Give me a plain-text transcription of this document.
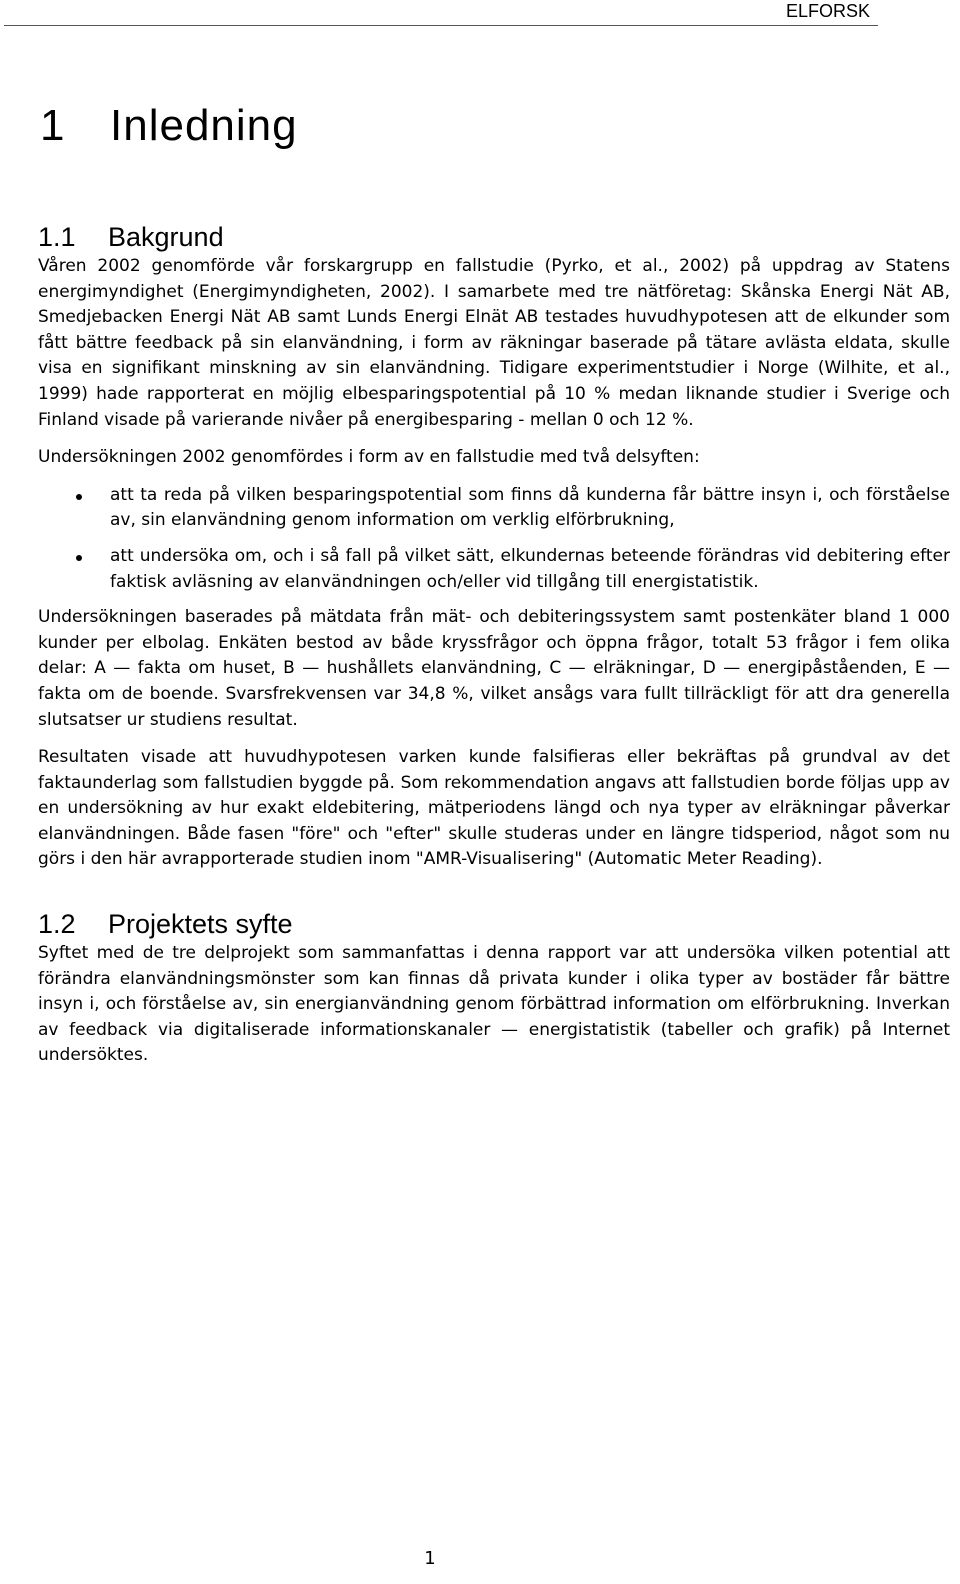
ELFORSK
1 Inledning
1.1 Bakgrund

Våren 2002 genomförde vår forskargrupp en fallstudie (Pyrko, et al., 2002) på uppdrag av Statens energimyndighet (Energimyndigheten, 2002). I samarbete med tre nätföretag: Skånska Energi Nät AB, Smedjebacken Energi Nät AB samt Lunds Energi Elnät AB testades huvudhypotesen att de elkunder som fått bättre feedback på sin elanvändning, i form av räkningar baserade på tätare avlästa eldata, skulle visa en signifikant minskning av sin elanvändning. Tidigare experimentstudier i Norge (Wilhite, et al., 1999) hade rapporterat en möjlig elbesparingspotential på 10 % medan liknande studier i Sverige och Finland visade på varierande nivåer på energibesparing - mellan 0 och 12 %.

Undersökningen 2002 genomfördes i form av en fallstudie med två delsyften:

att ta reda på vilken besparingspotential som finns då kunderna får bättre insyn i, och förståelse av, sin elanvändning genom information om verklig elförbrukning,
att undersöka om, och i så fall på vilket sätt, elkundernas beteende förändras vid debitering efter faktisk avläsning av elanvändningen och/eller vid tillgång till energistatistik.

Undersökningen baserades på mätdata från mät- och debiteringssystem samt postenkäter bland 1 000 kunder per elbolag. Enkäten bestod av både kryssfrågor och öppna frågor, totalt 53 frågor i fem olika delar: A — fakta om huset, B — hushållets elanvändning, C — elräkningar, D — energipåståenden, E — fakta om de boende. Svarsfrekvensen var 34,8 %, vilket ansågs vara fullt tillräckligt för att dra generella slutsatser ur studiens resultat.

Resultaten visade att huvudhypotesen varken kunde falsifieras eller bekräftas på grundval av det faktaunderlag som fallstudien byggde på. Som rekommendation angavs att fallstudien borde följas upp av en undersökning av hur exakt eldebitering, mätperiodens längd och nya typer av elräkningar påverkar elanvändningen. Både fasen "före" och "efter" skulle studeras under en längre tidsperiod, något som nu görs i den här avrapporterade studien inom "AMR-Visualisering" (Automatic Meter Reading).

1.2 Projektets syfte

Syftet med de tre delprojekt som sammanfattas i denna rapport var att undersöka vilken potential att förändra elanvändningsmönster som kan finnas då privata kunder i olika typer av bostäder får bättre insyn i, och förståelse av, sin energianvändning genom förbättrad information om elförbrukning. Inverkan av feedback via digitaliserade informationskanaler — energistatistik (tabeller och grafik) på Internet undersöktes.

1
